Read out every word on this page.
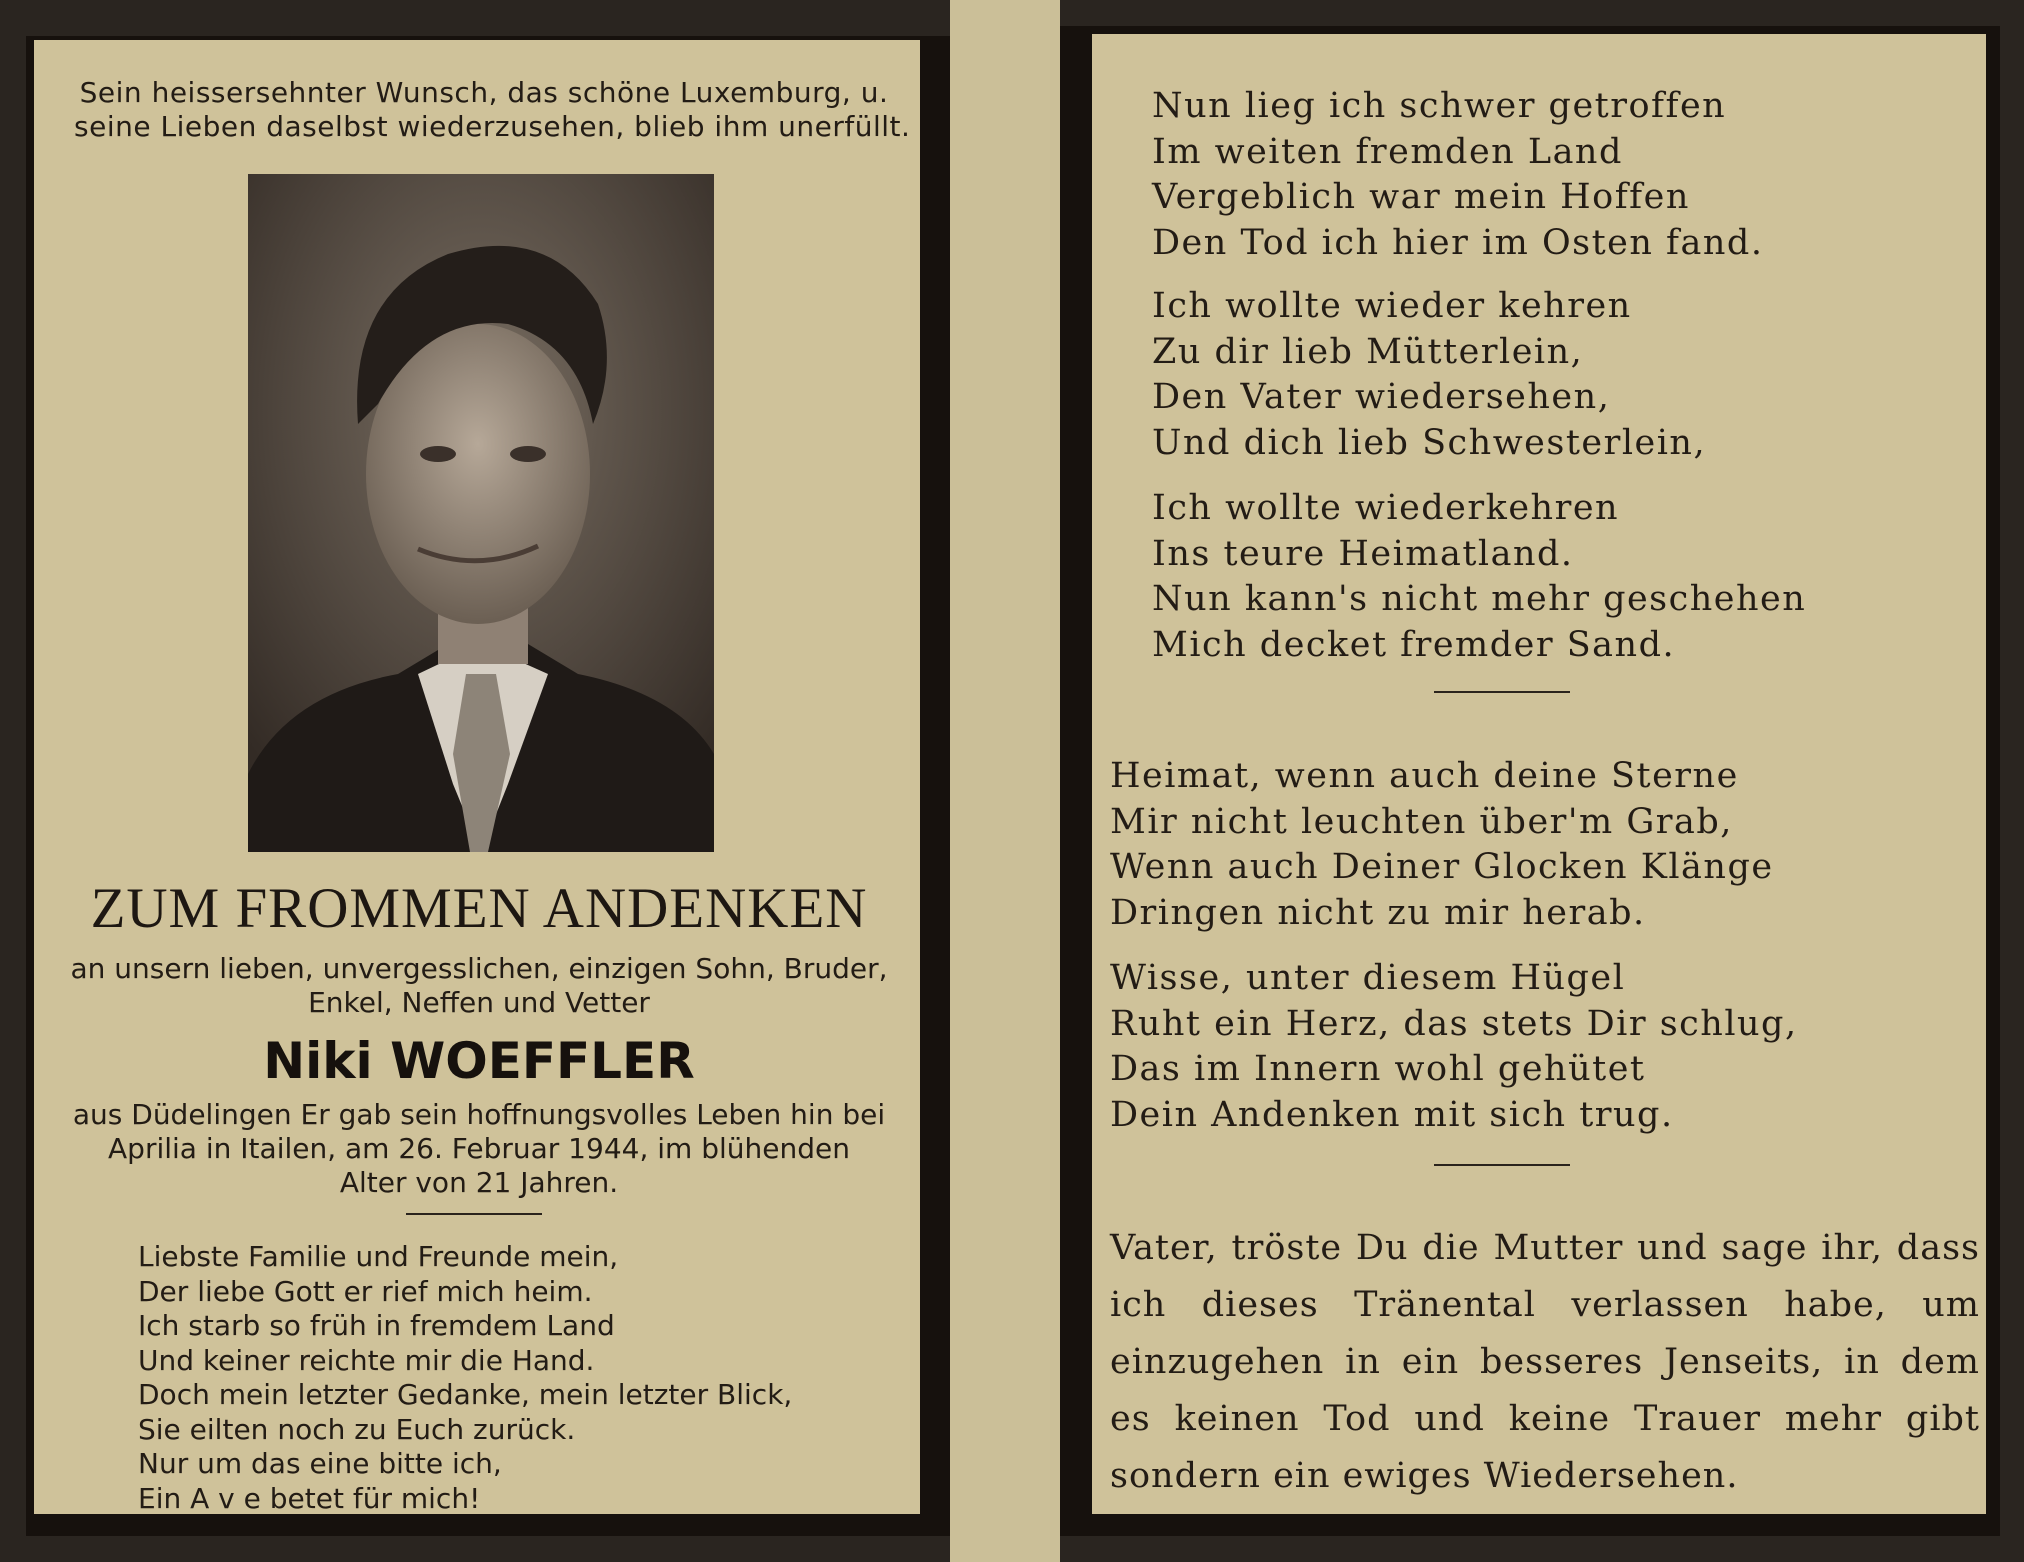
Sein heissersehnter Wunsch, das schöne Luxemburg, u.
seine Lieben daselbst wiederzusehen, blieb ihm unerfüllt.
ZUM FROMMEN ANDENKEN
an unsern lieben, unvergesslichen, einzigen Sohn, Bruder,
Enkel, Neffen und Vetter
Niki WOEFFLER
aus Düdelingen Er gab sein hoffnungsvolles Leben hin bei
Aprilia in Itailen, am 26. Februar 1944, im blühenden
Alter von 21 Jahren.
Liebste Familie und Freunde mein,
Der liebe Gott er rief mich heim.
Ich starb so früh in fremdem Land
Und keiner reichte mir die Hand.
Doch mein letzter Gedanke, mein letzter Blick,
Sie eilten noch zu Euch zurück.
Nur um das eine bitte ich,
Ein A v e betet für mich!
Nun lieg ich schwer getroffen
Im weiten fremden Land
Vergeblich war mein Hoffen
Den Tod ich hier im Osten fand.
Ich wollte wieder kehren
Zu dir lieb Mütterlein,
Den Vater wiedersehen,
Und dich lieb Schwesterlein,
Ich wollte wiederkehren
Ins teure Heimatland.
Nun kann's nicht mehr geschehen
Mich decket fremder Sand.
Heimat, wenn auch deine Sterne
Mir nicht leuchten über'm Grab,
Wenn auch Deiner Glocken Klänge
Dringen nicht zu mir herab.
Wisse, unter diesem Hügel
Ruht ein Herz, das stets Dir schlug,
Das im Innern wohl gehütet
Dein Andenken mit sich trug.
Vater, tröste Du die Mutter und sage ihr, dass ich dieses Tränental verlassen habe, um einzugehen in ein besseres Jenseits, in dem es keinen Tod und keine Trauer mehr gibt sondern ein ewiges Wiedersehen.
